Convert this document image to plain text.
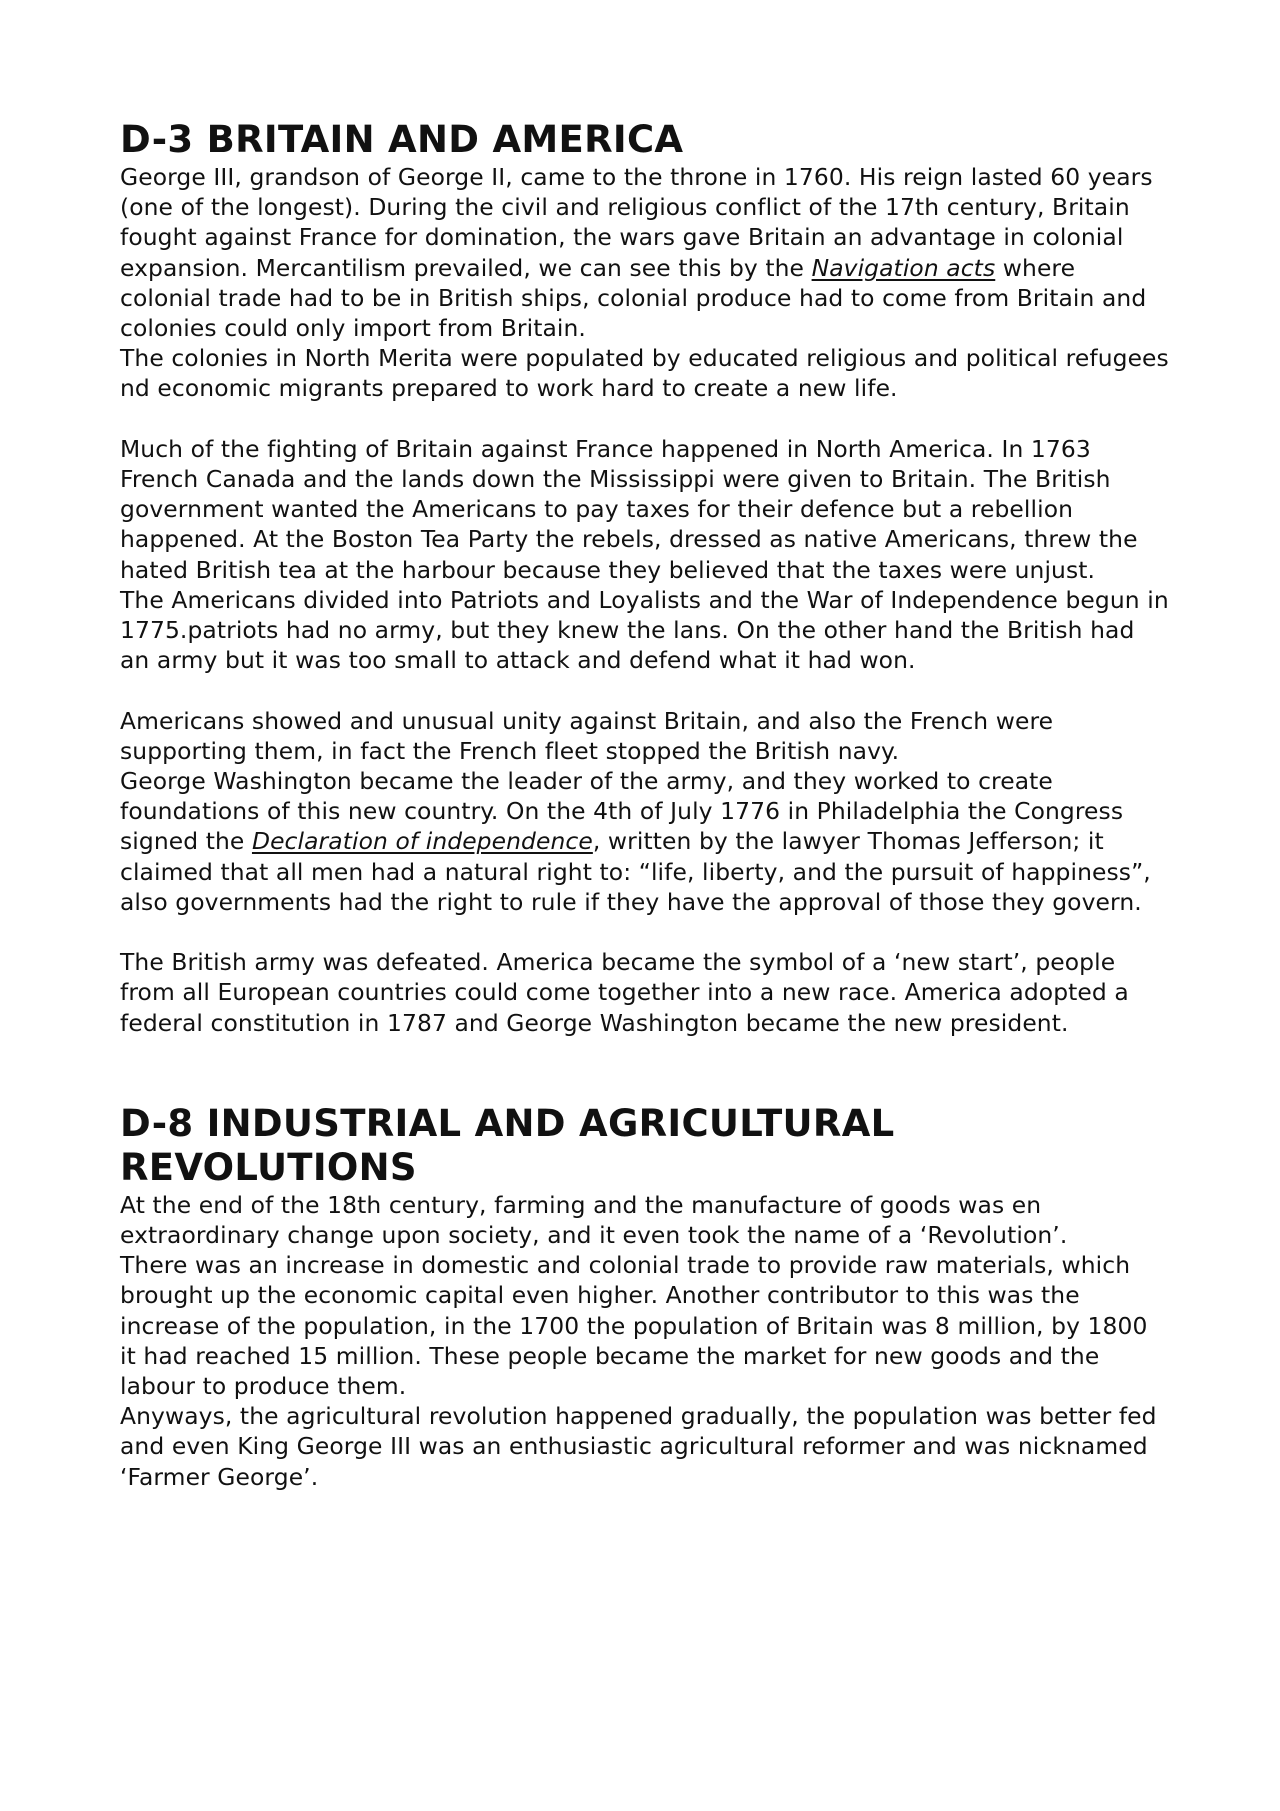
D-3 BRITAIN AND AMERICA

George III, grandson of George II, came to the throne in 1760. His reign lasted 60 years (one of the longest). During the civil and religious conflict of the 17th century, Britain fought against France for domination, the wars gave Britain an advantage in colonial expansion. Mercantilism prevailed, we can see this by the Navigation acts where colonial trade had to be in British ships, colonial produce had to come from Britain and colonies could only import from Britain.

The colonies in North Merita were populated by educated religious and political refugees nd economic migrants prepared to work hard to create a new life.

Much of the fighting of Britain against France happened in North America. In 1763 French Canada and the lands down the Mississippi were given to Britain. The British government wanted the Americans to pay taxes for their defence but a rebellion happened. At the Boston Tea Party the rebels, dressed as native Americans, threw the hated British tea at the harbour because they believed that the taxes were unjust.

The Americans divided into Patriots and Loyalists and the War of Independence begun in 1775.patriots had no army, but they knew the lans. On the other hand the British had an army but it was too small to attack and defend what it had won.

Americans showed and unusual unity against Britain, and also the French were supporting them, in fact the French fleet stopped the British navy.

George Washington became the leader of the army, and they worked to create foundations of this new country. On the 4th of July 1776 in Philadelphia the Congress signed the Declaration of independence, written by the lawyer Thomas Jefferson; it claimed that all men had a natural right to: “life, liberty, and the pursuit of happiness”, also governments had the right to rule if they have the approval of those they govern.

The British army was defeated. America became the symbol of a ‘new start’, people from all European countries could come together into a new race. America adopted a federal constitution in 1787 and George Washington became the new president.

D-8 INDUSTRIAL AND AGRICULTURAL REVOLUTIONS

At the end of the 18th century, farming and the manufacture of goods was en extraordinary change upon society, and it even took the name of a ‘Revolution’.

There was an increase in domestic and colonial trade to provide raw materials, which brought up the economic capital even higher. Another contributor to this was the increase of the population, in the 1700 the population of Britain was 8 million, by 1800 it had reached 15 million. These people became the market for new goods and the labour to produce them.

Anyways, the agricultural revolution happened gradually, the population was better fed and even King George III was an enthusiastic agricultural reformer and was nicknamed ‘Farmer George’.
